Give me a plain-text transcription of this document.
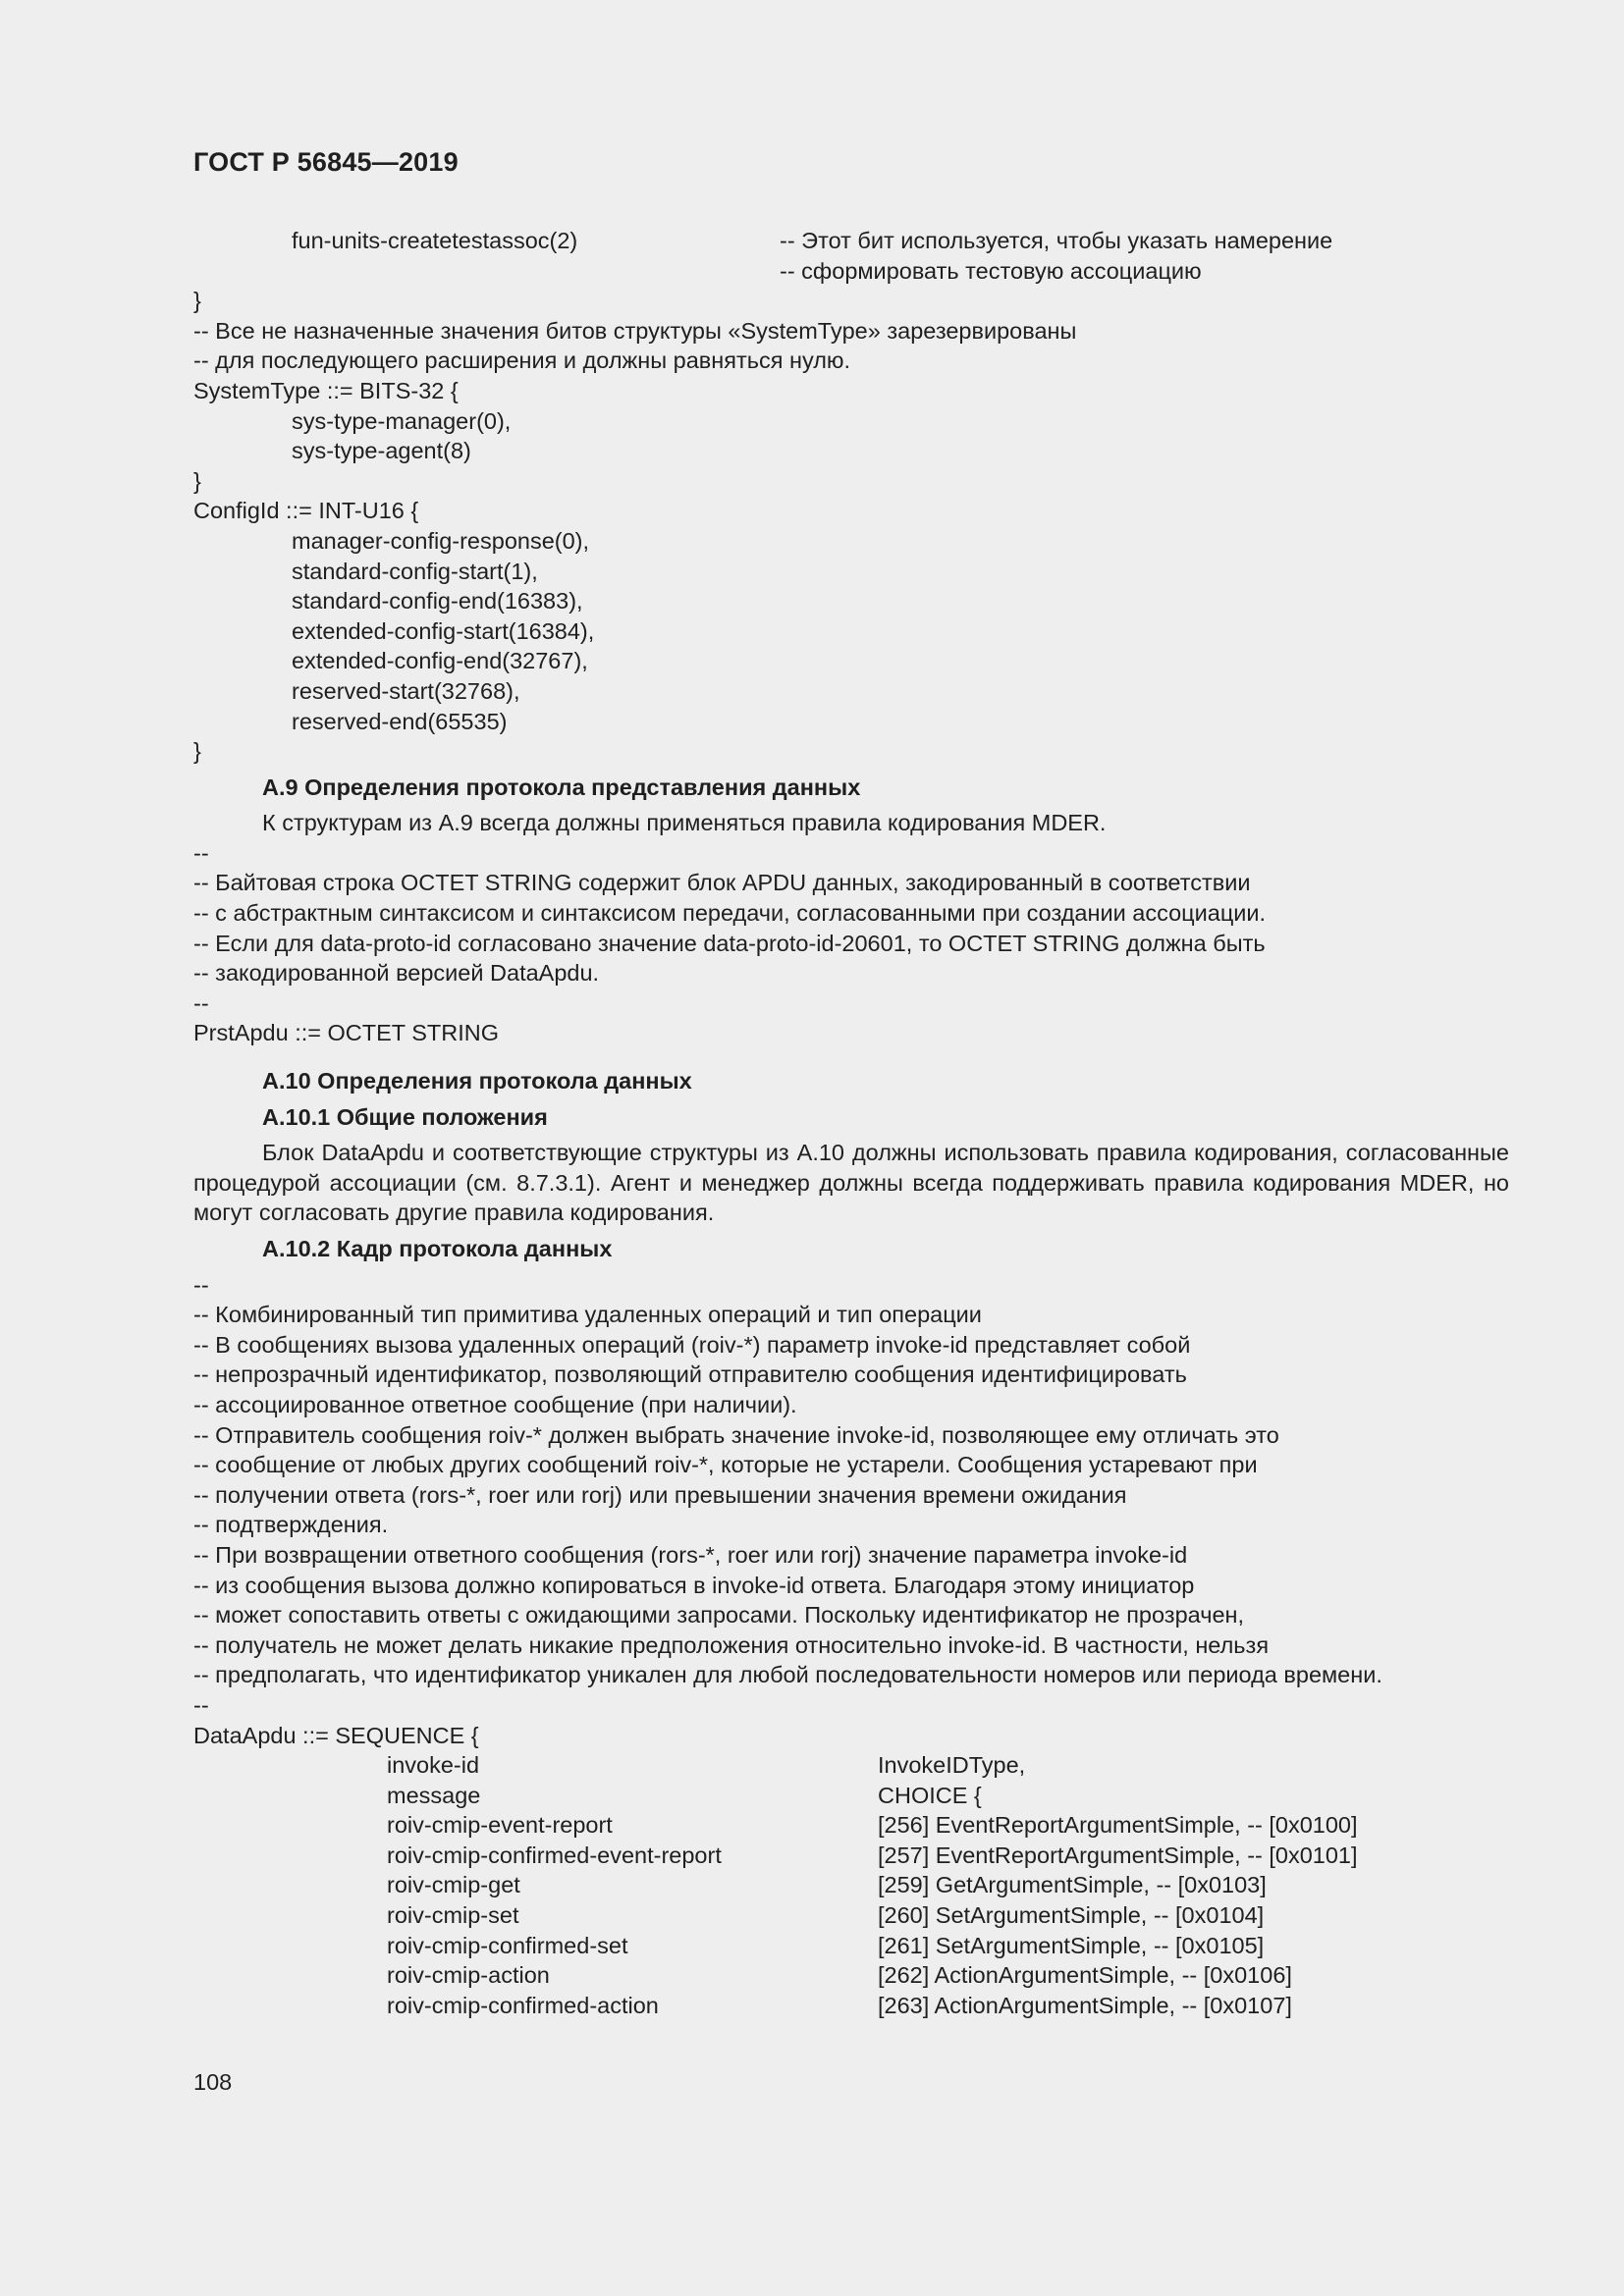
ГОСТ Р 56845—2019
fun-units-createtestassoc(2)	-- Этот бит используется, чтобы указать намерение
-- сформировать тестовую ассоциацию
}
-- Все не назначенные значения битов структуры «SystemType» зарезервированы
-- для последующего расширения и должны равняться нулю.
SystemType ::= BITS-32 {
sys-type-manager(0),
sys-type-agent(8)
}
ConfigId ::= INT-U16 {
manager-config-response(0),
standard-config-start(1),
standard-config-end(16383),
extended-config-start(16384),
extended-config-end(32767),
reserved-start(32768),
reserved-end(65535)
}
А.9 Определения протокола представления данных
К структурам из А.9 всегда должны применяться правила кодирования MDER.
--
-- Байтовая строка OCTET STRING содержит блок APDU данных, закодированный в соответствии
-- с абстрактным синтаксисом и синтаксисом передачи, согласованными при создании ассоциации.
-- Если для data-proto-id согласовано значение data-proto-id-20601, то OCTET STRING должна быть
-- закодированной версией DataApdu.
--
PrstApdu ::= OCTET STRING
А.10 Определения протокола данных
А.10.1 Общие положения
Блок DataApdu и соответствующие структуры из А.10 должны использовать правила кодирования, согласованные процедурой ассоциации (см. 8.7.3.1). Агент и менеджер должны всегда поддерживать правила кодирования MDER, но могут согласовать другие правила кодирования.
А.10.2 Кадр протокола данных
--
-- Комбинированный тип примитива удаленных операций и тип операции
-- В сообщениях вызова удаленных операций (roiv-*) параметр invoke-id представляет собой
-- непрозрачный идентификатор, позволяющий отправителю сообщения идентифицировать
-- ассоциированное ответное сообщение (при наличии).
-- Отправитель сообщения roiv-* должен выбрать значение invoke-id, позволяющее ему отличать это
-- сообщение от любых других сообщений roiv-*, которые не устарели. Сообщения устаревают при
-- получении ответа (rors-*, roer или rorj) или превышении значения времени ожидания
-- подтверждения.
-- При возвращении ответного сообщения (rors-*, roer или rorj) значение параметра invoke-id
-- из сообщения вызова должно копироваться в invoke-id ответа. Благодаря этому инициатор
-- может сопоставить ответы с ожидающими запросами. Поскольку идентификатор не прозрачен,
-- получатель не может делать никакие предположения относительно invoke-id. В частности, нельзя
-- предполагать, что идентификатор уникален для любой последовательности номеров или периода времени.
--
DataApdu ::= SEQUENCE {
invoke-id	InvokeIDType,
message	CHOICE {
roiv-cmip-event-report	[256] EventReportArgumentSimple, -- [0x0100]
roiv-cmip-confirmed-event-report	[257] EventReportArgumentSimple, -- [0x0101]
roiv-cmip-get	[259] GetArgumentSimple, -- [0x0103]
roiv-cmip-set	[260] SetArgumentSimple, -- [0x0104]
roiv-cmip-confirmed-set	[261] SetArgumentSimple, -- [0x0105]
roiv-cmip-action	[262] ActionArgumentSimple, -- [0x0106]
roiv-cmip-confirmed-action	[263] ActionArgumentSimple, -- [0x0107]
108
